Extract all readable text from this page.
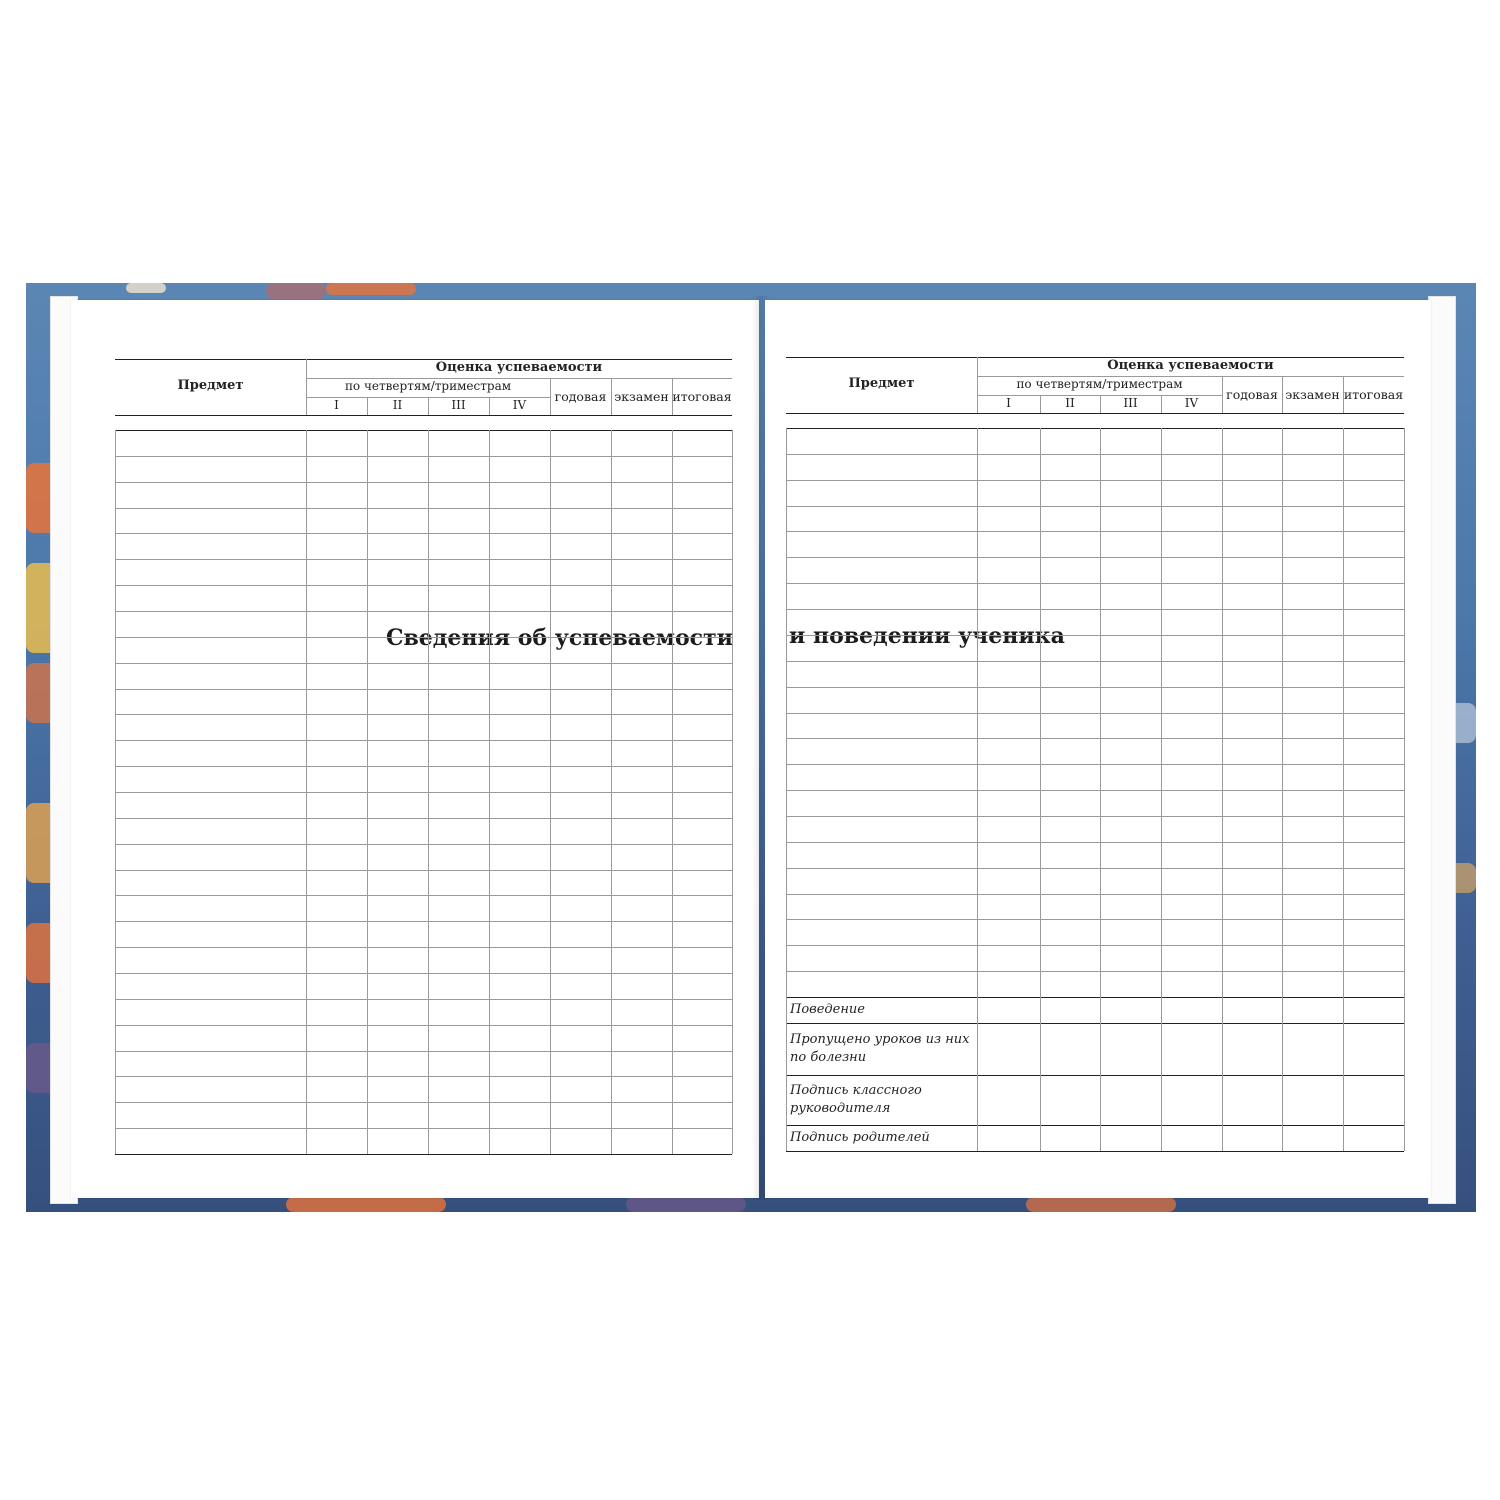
Сведения об успеваемости
Предмет
Оценка успеваемости
по четвертям/триместрам
I	II	III	IV
годовая экзамен итоговая
и поведении ученика
Предмет
Оценка успеваемости
по четвертям/триместрам
I	II	III	IV
годовая экзамен итоговая
Поведение
Пропущено уроков из них по болезни
Подпись классного руководителя
Подпись родителей
